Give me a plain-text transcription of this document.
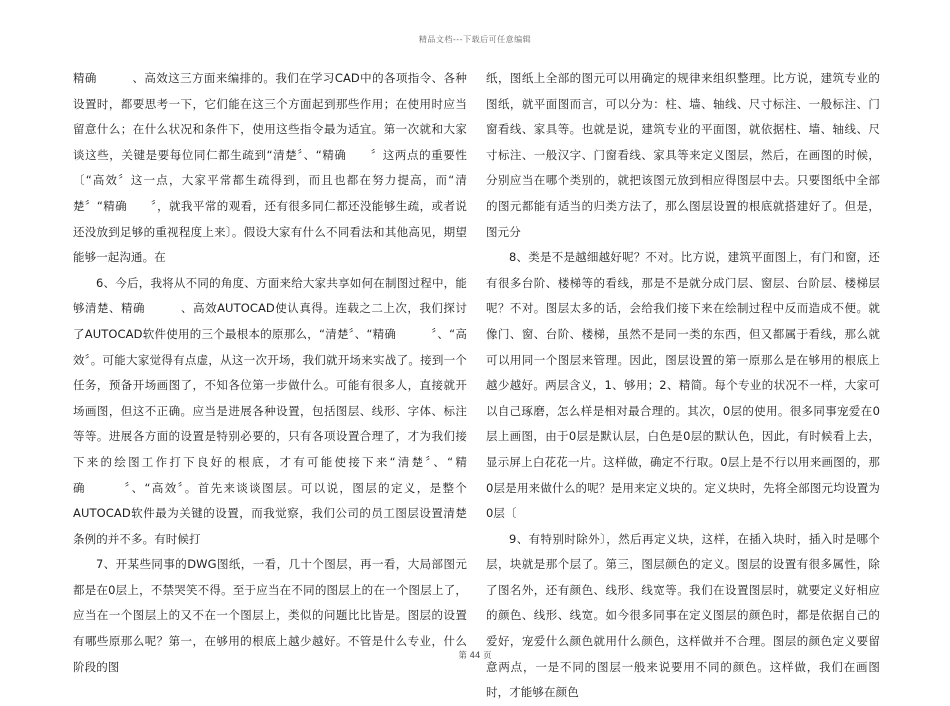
精品文档---下载后可任意编辑

精确　　　、高效这三方面来编排的。我们在学习CAD中的各项指令、各种设置时，都要思考一下，它们能在这三个方面起到那些作用；在使用时应当留意什么；在什么状况和条件下，使用这些指令最为适宜。第一次就和大家谈这些，关键是要每位同仁都生疏到“清楚〞、“精确　　〞这两点的重要性〔“高效〞这一点，大家平常都生疏得到，而且也都在努力提高，而“清楚〞“精确　　〞，就我平常的观看，还有很多同仁都还没能够生疏，或者说还没放到足够的重视程度上来〕。假设大家有什么不同看法和其他高见，期望能够一起沟通。在

6、今后，我将从不同的角度、方面来给大家共享如何在制图过程中，能够清楚、精确　　　、高效AUTOCAD使认真得。连载之二上次，我们探讨了AUTOCAD软件使用的三个最根本的原那么，“清楚〞、“精确　　　〞、“高效〞。可能大家觉得有点虚，从这一次开场，我们就开场来实战了。接到一个任务，预备开场画图了，不知各位第一步做什么。可能有很多人，直接就开场画图，但这不正确。应当是进展各种设置，包括图层、线形、字体、标注等等。进展各方面的设置是特别必要的，只有各项设置合理了，才为我们接下来的绘图工作打下良好的根底，才有可能使接下来“清楚〞、“精确　　　〞、“高效〞。首先来谈谈图层。可以说，图层的定义，是整个AUTOCAD软件最为关键的设置，而我觉察，我们公司的员工图层设置清楚条例的并不多。有时候打

7、开某些同事的DWG图纸，一看，几十个图层，再一看，大局部图元都是在0层上，不禁哭笑不得。至于应当在不同的图层上的在一个图层上了，应当在一个图层上的又不在一个图层上，类似的问题比比皆是。图层的设置有哪些原那么呢？第一，在够用的根底上越少越好。不管是什么专业，什么阶段的图

纸，图纸上全部的图元可以用确定的规律来组织整理。比方说，建筑专业的图纸，就平面图而言，可以分为：柱、墙、轴线、尺寸标注、一般标注、门窗看线、家具等。也就是说，建筑专业的平面图，就依据柱、墙、轴线、尺寸标注、一般汉字、门窗看线、家具等来定义图层，然后，在画图的时候，分别应当在哪个类别的，就把该图元放到相应得图层中去。只要图纸中全部的图元都能有适当的归类方法了，那么图层设置的根底就搭建好了。但是，图元分

8、类是不是越细越好呢？不对。比方说，建筑平面图上，有门和窗，还有很多台阶、楼梯等的看线，那是不是就分成门层、窗层、台阶层、楼梯层呢？不对。图层太多的话，会给我们接下来在绘制过程中反而造成不便。就像门、窗、台阶、楼梯，虽然不是同一类的东西，但又都属于看线，那么就可以用同一个图层来管理。因此，图层设置的第一原那么是在够用的根底上越少越好。两层含义，1、够用；2、精简。每个专业的状况不一样，大家可以自己琢磨，怎么样是相对最合理的。其次，0层的使用。很多同事宠爱在0层上画图，由于0层是默认层，白色是0层的默认色，因此，有时候看上去，显示屏上白花花一片。这样做，确定不行取。0层上是不行以用来画图的，那0层是用来做什么的呢？是用来定义块的。定义块时，先将全部图元均设置为0层〔

9、有特别时除外〕，然后再定义块，这样，在插入块时，插入时是哪个层，块就是那个层了。第三，图层颜色的定义。图层的设置有很多属性，除了图名外，还有颜色、线形、线宽等。我们在设置图层时，就要定义好相应的颜色、线形、线宽。如今很多同事在定义图层的颜色时，都是依据自己的爱好，宠爱什么颜色就用什么颜色，这样做并不合理。图层的颜色定义要留意两点，一是不同的图层一般来说要用不同的颜色。这样做，我们在画图时，才能够在颜色

第 44 页
